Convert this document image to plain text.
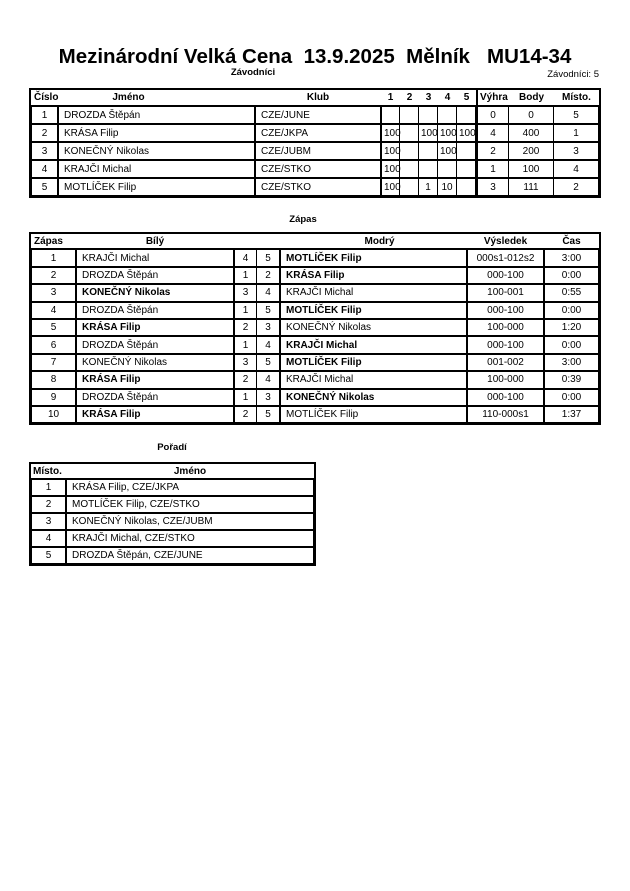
Mezinárodní Velká Cena  13.9.2025  Mělník   MU14-34
Závodníci	Závodníci: 5
Číslo	Jméno	Klub	1	2	3	4	5	Výhra	Body	Místo.
1	DROZDA Štěpán	CZE/JUNE						0	0	5
2	KRÁSA Filip	CZE/JKPA	100		100	100	100	4	400	1
3	KONEČNÝ Nikolas	CZE/JUBM	100			100		2	200	3
4	KRAJČI Michal	CZE/STKO	100					1	100	4
5	MOTLÍČEK Filip	CZE/STKO	100		1	10		3	111	2
Zápas
Zápas	Bílý			Modrý	Výsledek	Čas
1	KRAJČI Michal	4	5	MOTLÍČEK Filip	000s1-012s2	3:00
2	DROZDA Štěpán	1	2	KRÁSA Filip	000-100	0:00
3	KONEČNÝ Nikolas	3	4	KRAJČI Michal	100-001	0:55
4	DROZDA Štěpán	1	5	MOTLÍČEK Filip	000-100	0:00
5	KRÁSA Filip	2	3	KONEČNÝ Nikolas	100-000	1:20
6	DROZDA Štěpán	1	4	KRAJČI Michal	000-100	0:00
7	KONEČNÝ Nikolas	3	5	MOTLÍČEK Filip	001-002	3:00
8	KRÁSA Filip	2	4	KRAJČI Michal	100-000	0:39
9	DROZDA Štěpán	1	3	KONEČNÝ Nikolas	000-100	0:00
10	KRÁSA Filip	2	5	MOTLÍČEK Filip	110-000s1	1:37
Pořadí
Místo.	Jméno
1	KRÁSA Filip, CZE/JKPA
2	MOTLÍČEK Filip, CZE/STKO
3	KONEČNÝ Nikolas, CZE/JUBM
4	KRAJČI Michal, CZE/STKO
5	DROZDA Štěpán, CZE/JUNE
